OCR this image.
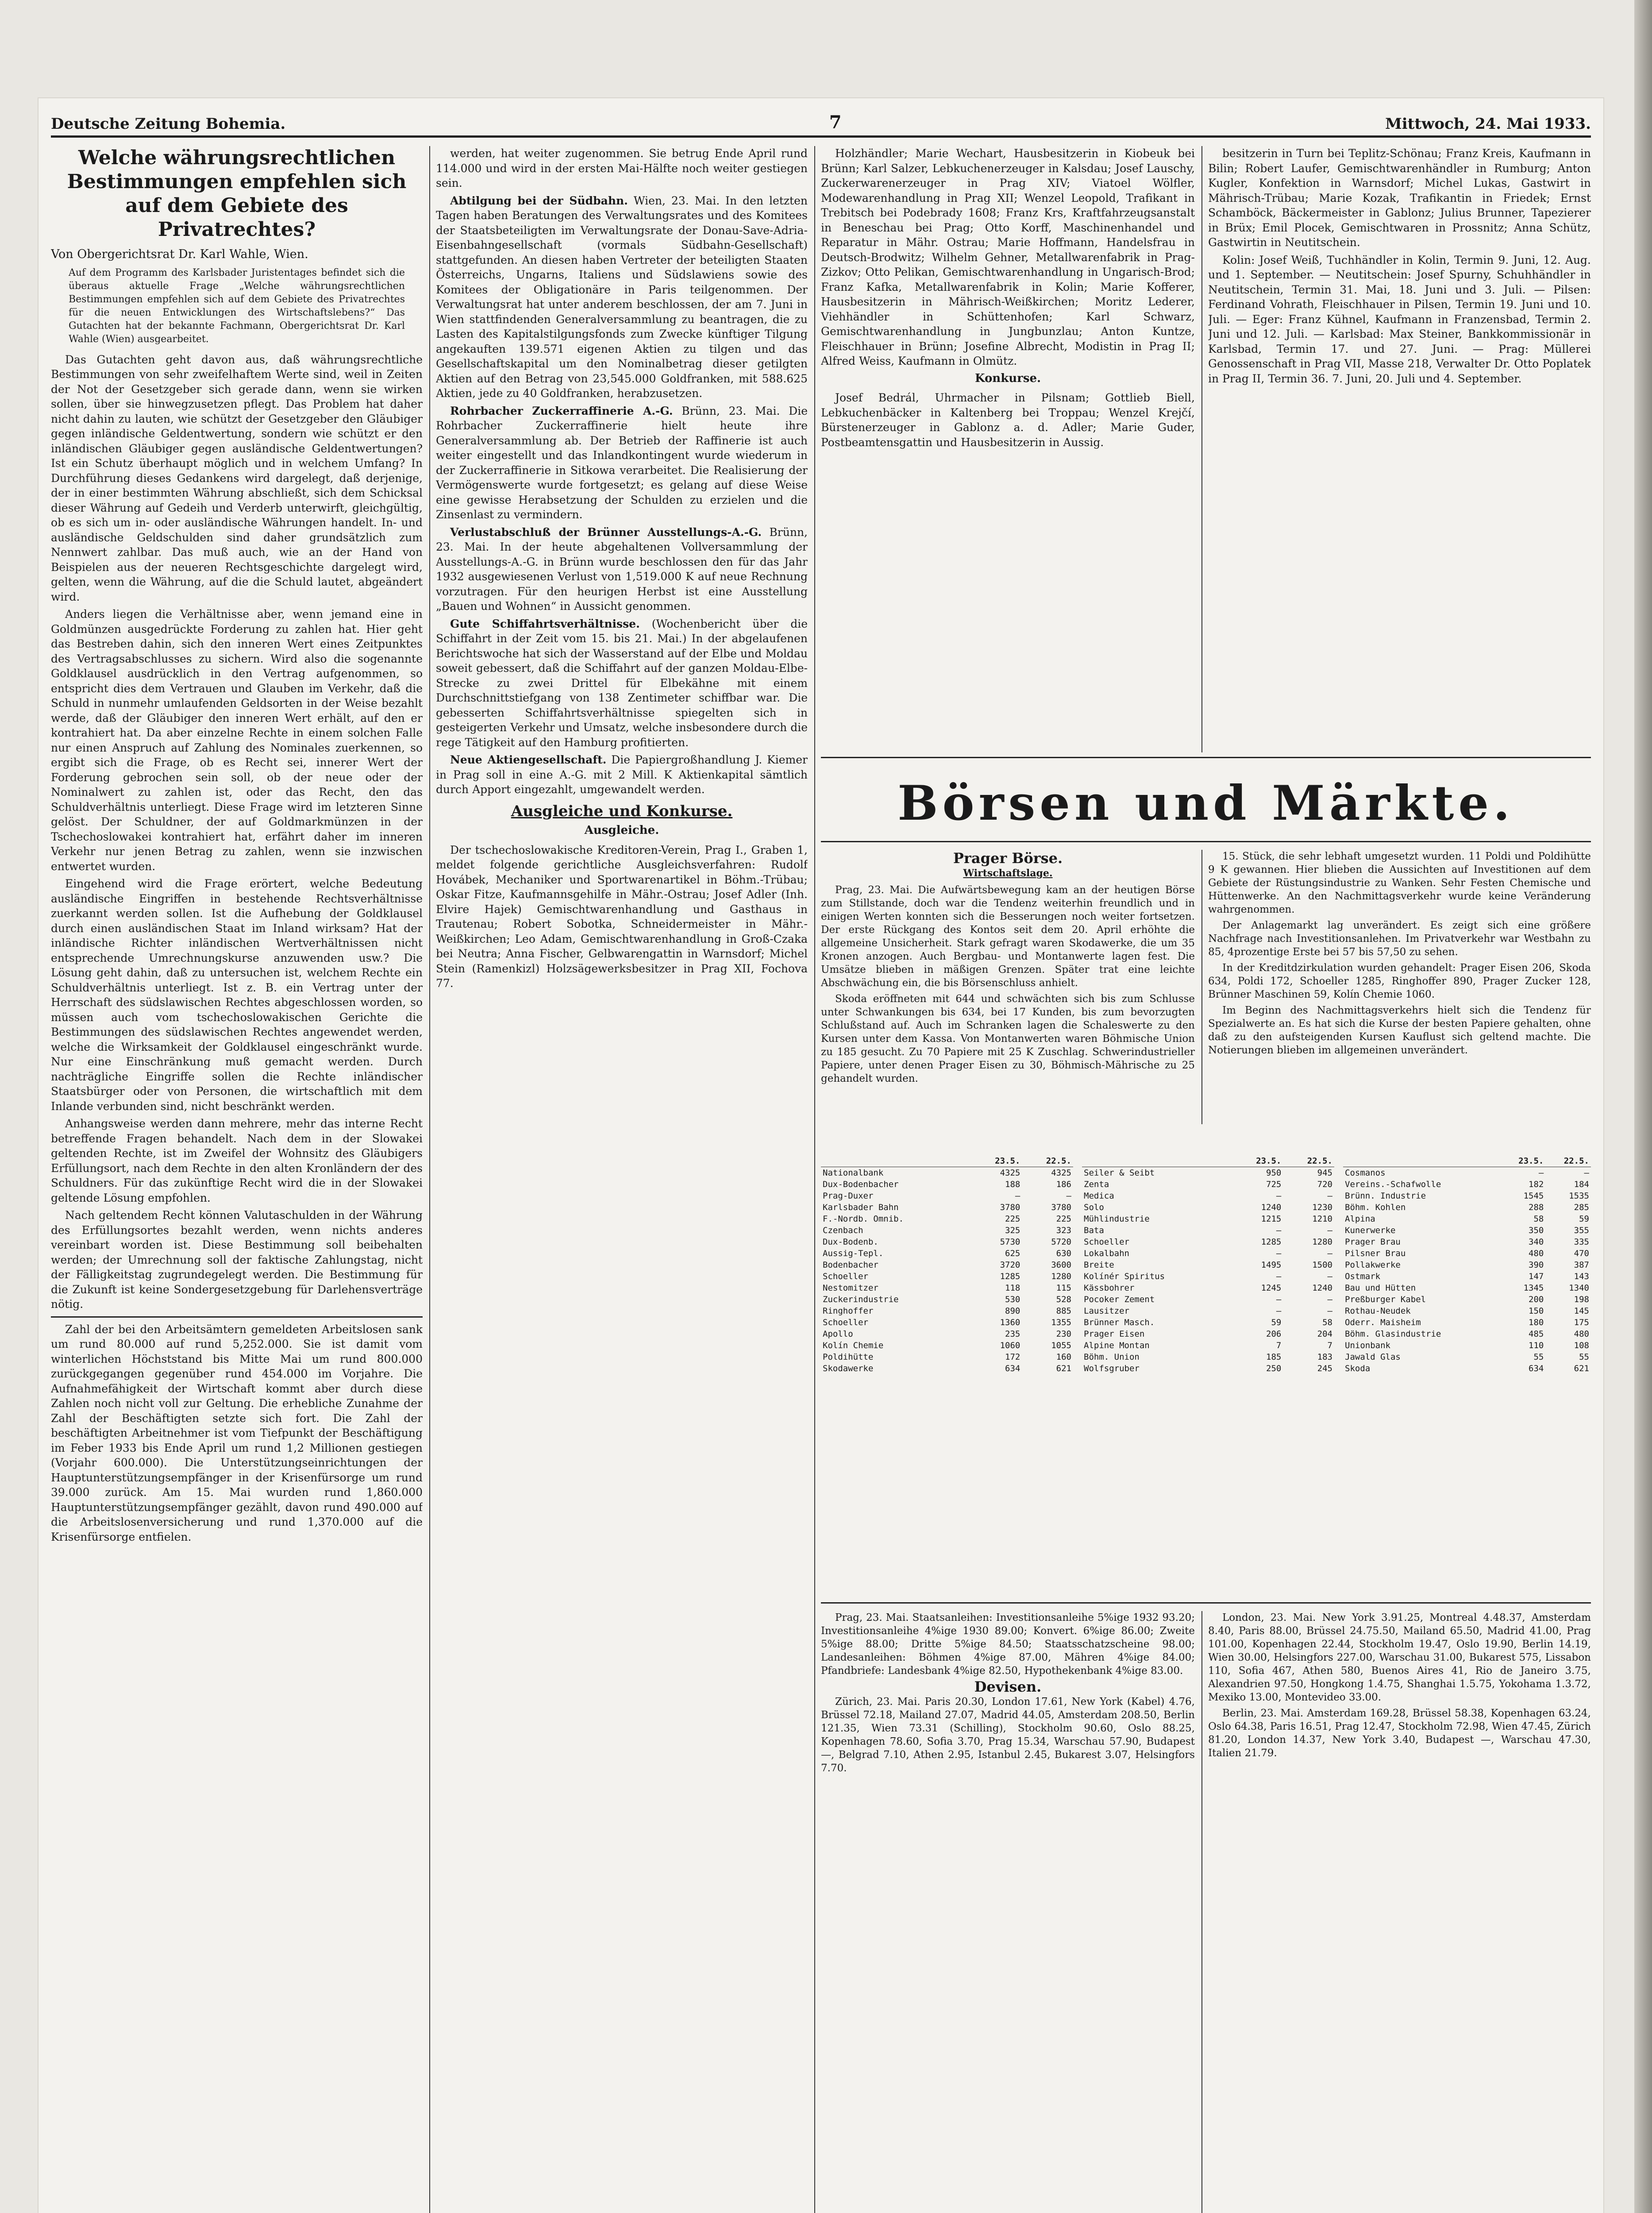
Deutsche Zeitung Bohemia.	7	Mittwoch, 24. Mai 1933.
Welche währungsrechtlichen Bestimmungen empfehlen sich auf dem Gebiete des Privatrechtes?
Von Obergerichtsrat Dr. Karl Wahle, Wien.
Auf dem Programm des Karlsbader Juristentages befindet sich die überaus aktuelle Frage „Welche währungsrechtlichen Bestimmungen empfehlen sich auf dem Gebiete des Privatrechtes für die neuen Entwicklungen des Wirtschaftslebens?“ Das Gutachten hat der bekannte Fachmann, Obergerichtsrat Dr. Karl Wahle (Wien) ausgearbeitet.

Das Gutachten geht davon aus, daß währungsrechtliche Bestimmungen von sehr zweifelhaftem Werte sind, weil in Zeiten der Not der Gesetzgeber sich gerade dann, wenn sie wirken sollen, über sie hinwegzusetzen pflegt. Das Problem hat daher nicht dahin zu lauten, wie schützt der Gesetzgeber den Gläubiger gegen inländische Geldentwertung, sondern wie schützt er den inländischen Gläubiger gegen ausländische Geldentwertungen? Ist ein Schutz überhaupt möglich und in welchem Umfang? In Durchführung dieses Gedankens wird dargelegt, daß derjenige, der in einer bestimmten Währung abschließt, sich dem Schicksal dieser Währung auf Gedeih und Verderb unterwirft, gleichgültig, ob es sich um in- oder ausländische Währungen handelt. In- und ausländische Geldschulden sind daher grundsätzlich zum Nennwert zahlbar. Das muß auch, wie an der Hand von Beispielen aus der neueren Rechtsgeschichte dargelegt wird, gelten, wenn die Währung, auf die die Schuld lautet, abgeändert wird.

Anders liegen die Verhältnisse aber, wenn jemand eine in Goldmünzen ausgedrückte Forderung zu zahlen hat. Hier geht das Bestreben dahin, sich den inneren Wert eines Zeitpunktes des Vertragsabschlusses zu sichern. Wird also die sogenannte Goldklausel ausdrücklich in den Vertrag aufgenommen, so entspricht dies dem Vertrauen und Glauben im Verkehr, daß die Schuld in nunmehr umlaufenden Geldsorten in der Weise bezahlt werde, daß der Gläubiger den inneren Wert erhält, auf den er kontrahiert hat. Da aber einzelne Rechte in einem solchen Falle nur einen Anspruch auf Zahlung des Nominales zuerkennen, so ergibt sich die Frage, ob es Recht sei, innerer Wert der Forderung gebrochen sein soll, ob der neue oder der Nominalwert zu zahlen ist, oder das Recht, den das Schuldverhältnis unterliegt. Diese Frage wird im letzteren Sinne gelöst. Der Schuldner, der auf Goldmarkmünzen in der Tschechoslowakei kontrahiert hat, erfährt daher im inneren Verkehr nur jenen Betrag zu zahlen, wenn sie inzwischen entwertet wurden.

Eingehend wird die Frage erörtert, welche Bedeutung ausländische Eingriffen in bestehende Rechtsverhältnisse zuerkannt werden sollen. Ist die Aufhebung der Goldklausel durch einen ausländischen Staat im Inland wirksam? Hat der inländische Richter inländischen Wertverhältnissen nicht entsprechende Umrechnungskurse anzuwenden usw.? Die Lösung geht dahin, daß zu untersuchen ist, welchem Rechte ein Schuldverhältnis unterliegt. Ist z. B. ein Vertrag unter der Herrschaft des südslawischen Rechtes abgeschlossen worden, so müssen auch vom tschechoslowakischen Gerichte die Bestimmungen des südslawischen Rechtes angewendet werden, welche die Wirksamkeit der Goldklausel eingeschränkt wurde. Nur eine Einschränkung muß gemacht werden. Durch nachträgliche Eingriffe sollen die Rechte inländischer Staatsbürger oder von Personen, die wirtschaftlich mit dem Inlande verbunden sind, nicht beschränkt werden.

Anhangsweise werden dann mehrere, mehr das interne Recht betreffende Fragen behandelt. Nach dem in der Slowakei geltenden Rechte, ist im Zweifel der Wohnsitz des Gläubigers Erfüllungsort, nach dem Rechte in den alten Kronländern der des Schuldners. Für das zukünftige Recht wird die in der Slowakei geltende Lösung empfohlen.

Nach geltendem Recht können Valutaschulden in der Währung des Erfüllungsortes bezahlt werden, wenn nichts anderes vereinbart worden ist. Diese Bestimmung soll beibehalten werden; der Umrechnung soll der faktische Zahlungstag, nicht der Fälligkeitstag zugrundegelegt werden. Die Bestimmung für die Zukunft ist keine Sondergesetzgebung für Darlehensverträge nötig.

Zahl der bei den Arbeitsämtern gemeldeten Arbeitslosen sank um rund 80.000 auf rund 5,252.000. Sie ist damit vom winterlichen Höchststand bis Mitte Mai um rund 800.000 zurückgegangen gegenüber rund 454.000 im Vorjahre. Die Aufnahmefähigkeit der Wirtschaft kommt aber durch diese Zahlen noch nicht voll zur Geltung. Die erhebliche Zunahme der Zahl der Beschäftigten setzte sich fort. Die Zahl der beschäftigten Arbeitnehmer ist vom Tiefpunkt der Beschäftigung im Feber 1933 bis Ende April um rund 1,2 Millionen gestiegen (Vorjahr 600.000). Die Unterstützungseinrichtungen der Hauptunterstützungsempfänger in der Krisenfürsorge um rund 39.000 zurück. Am 15. Mai wurden rund 1,860.000 Hauptunterstützungsempfänger gezählt, davon rund 490.000 auf die Arbeitslosenversicherung und rund 1,370.000 auf die Krisenfürsorge entfielen.

werden, hat weiter zugenommen. Sie betrug Ende April rund 114.000 und wird in der ersten Mai-Hälfte noch weiter gestiegen sein.

Abtilgung bei der Südbahn. Wien, 23. Mai. In den letzten Tagen haben Beratungen des Verwaltungsrates und des Komitees der Staatsbeteiligten im Verwaltungsrate der Donau-Save-Adria-Eisenbahngesellschaft (vormals Südbahn-Gesellschaft) stattgefunden. An diesen haben Vertreter der beteiligten Staaten Österreichs, Ungarns, Italiens und Südslawiens sowie des Komitees der Obligationäre in Paris teilgenommen. Der Verwaltungsrat hat unter anderem beschlossen, der am 7. Juni in Wien stattfindenden Generalversammlung zu beantragen, die zu Lasten des Kapitalstilgungsfonds zum Zwecke künftiger Tilgung angekauften 139.571 eigenen Aktien zu tilgen und das Gesellschaftskapital um den Nominalbetrag dieser getilgten Aktien auf den Betrag von 23,545.000 Goldfranken, mit 588.625 Aktien, jede zu 40 Goldfranken, herabzusetzen.

Rohrbacher Zuckerraffinerie A.-G. Brünn, 23. Mai. Die Rohrbacher Zuckerraffinerie hielt heute ihre Generalversammlung ab. Der Betrieb der Raffinerie ist auch weiter eingestellt und das Inlandkontingent wurde wiederum in der Zuckerraffinerie in Sitkowa verarbeitet. Die Realisierung der Vermögenswerte wurde fortgesetzt; es gelang auf diese Weise eine gewisse Herabsetzung der Schulden zu erzielen und die Zinsenlast zu vermindern.

Verlustabschluß der Brünner Ausstellungs-A.-G. Brünn, 23. Mai. In der heute abgehaltenen Vollversammlung der Ausstellungs-A.-G. in Brünn wurde beschlossen den für das Jahr 1932 ausgewiesenen Verlust von 1,519.000 K auf neue Rechnung vorzutragen. Für den heurigen Herbst ist eine Ausstellung „Bauen und Wohnen“ in Aussicht genommen.

Gute Schiffahrtsverhältnisse. (Wochenbericht über die Schiffahrt in der Zeit vom 15. bis 21. Mai.) In der abgelaufenen Berichtswoche hat sich der Wasserstand auf der Elbe und Moldau soweit gebessert, daß die Schiffahrt auf der ganzen Moldau-Elbe-Strecke zu zwei Drittel für Elbekähne mit einem Durchschnittstiefgang von 138 Zentimeter schiffbar war. Die gebesserten Schiffahrtsverhältnisse spiegelten sich in gesteigerten Verkehr und Umsatz, welche insbesondere durch die rege Tätigkeit auf den Hamburg profitierten.

Neue Aktiengesellschaft. Die Papiergroßhandlung J. Kiemer in Prag soll in eine A.-G. mit 2 Mill. K Aktienkapital sämtlich durch Apport eingezahlt, umgewandelt werden.

Ausgleiche und Konkurse.
Ausgleiche.

Der tschechoslowakische Kreditoren-Verein, Prag I., Graben 1, meldet folgende gerichtliche Ausgleichsverfahren: Rudolf Hovábek, Mechaniker und Sportwarenartikel in Böhm.-Trübau; Oskar Fitze, Kaufmannsgehilfe in Mähr.-Ostrau; Josef Adler (Inh. Elvire Hajek) Gemischtwarenhandlung und Gasthaus in Trautenau; Robert Sobotka, Schneidermeister in Mähr.-Weißkirchen; Leo Adam, Gemischtwarenhandlung in Groß-Czaka bei Neutra; Anna Fischer, Gelbwarengattin in Warnsdorf; Michel Stein (Ramenkizl) Holzsägewerksbesitzer in Prag XII, Fochova 77.

Holzhändler; Marie Wechart, Hausbesitzerin in Kiobeuk bei Brünn; Karl Salzer, Lebkuchenerzeuger in Kalsdau; Josef Lauschy, Zuckerwarenerzeuger in Prag XIV; Viatoel Wölfler, Modewarenhandlung in Prag XII; Wenzel Leopold, Trafikant in Trebitsch bei Podebrady 1608; Franz Krs, Kraftfahrzeugsanstalt in Beneschau bei Prag; Otto Korff, Maschinenhandel und Reparatur in Mähr. Ostrau; Marie Hoffmann, Handelsfrau in Deutsch-Brodwitz; Wilhelm Gehner, Metallwarenfabrik in Prag-Zizkov; Otto Pelikan, Gemischtwarenhandlung in Ungarisch-Brod; Franz Kafka, Metallwarenfabrik in Kolin; Marie Kofferer, Hausbesitzerin in Mährisch-Weißkirchen; Moritz Lederer, Viehhändler in Schüttenhofen; Karl Schwarz, Gemischtwarenhandlung in Jungbunzlau; Anton Kuntze, Fleischhauer in Brünn; Josefine Albrecht, Modistin in Prag II; Alfred Weiss, Kaufmann in Olmütz.

Konkurse.

Josef Bedrál, Uhrmacher in Pilsnam; Gottlieb Biell, Lebkuchenbäcker in Kaltenberg bei Troppau; Wenzel Krejčí, Bürstenerzeuger in Gablonz a. d. Adler; Marie Guder, Postbeamtensgattin und Hausbesitzerin in Aussig.

besitzerin in Turn bei Teplitz-Schönau; Franz Kreis, Kaufmann in Bilin; Robert Laufer, Gemischtwarenhändler in Rumburg; Anton Kugler, Konfektion in Warnsdorf; Michel Lukas, Gastwirt in Mährisch-Trübau; Marie Kozak, Trafikantin in Friedek; Ernst Schamböck, Bäckermeister in Gablonz; Julius Brunner, Tapezierer in Brüx; Emil Plocek, Gemischtwaren in Prossnitz; Anna Schütz, Gastwirtin in Neutitschein.

Kolin: Josef Weiß, Tuchhändler in Kolin, Termin 9. Juni, 12. Aug. und 1. September. — Neutitschein: Josef Spurny, Schuhhändler in Neutitschein, Termin 31. Mai, 18. Juni und 3. Juli. — Pilsen: Ferdinand Vohrath, Fleischhauer in Pilsen, Termin 19. Juni und 10. Juli. — Eger: Franz Kühnel, Kaufmann in Franzensbad, Termin 2. Juni und 12. Juli. — Karlsbad: Max Steiner, Bankkommissionär in Karlsbad, Termin 17. und 27. Juni. — Prag: Müllerei Genossenschaft in Prag VII, Masse 218, Verwalter Dr. Otto Poplatek in Prag II, Termin 36. 7. Juni, 20. Juli und 4. September.

Börsen und Märkte.
Prager Börse.
Wirtschaftslage.

Prag, 23. Mai. Die Aufwärtsbewegung kam an der heutigen Börse zum Stillstande, doch war die Tendenz weiterhin freundlich und in einigen Werten konnten sich die Besserungen noch weiter fortsetzen. Der erste Rückgang des Kontos seit dem 20. April erhöhte die allgemeine Unsicherheit. Stark gefragt waren Skodawerke, die um 35 Kronen anzogen. Auch Bergbau- und Montanwerte lagen fest. Die Umsätze blieben in mäßigen Grenzen. Später trat eine leichte Abschwächung ein, die bis Börsenschluss anhielt.

Skoda eröffneten mit 644 und schwächten sich bis zum Schlusse unter Schwankungen bis 634, bei 17 Kunden, bis zum bevorzugten Schlußstand auf. Auch im Schranken lagen die Schaleswerte zu den Kursen unter dem Kassa. Von Montanwerten waren Böhmische Union zu 185 gesucht. Zu 70 Papiere mit 25 K Zuschlag. Schwerindustrieller Papiere, unter denen Prager Eisen zu 30, Böhmisch-Mährische zu 25 gehandelt wurden.

15. Stück, die sehr lebhaft umgesetzt wurden. 11 Poldi und Poldihütte 9 K gewannen. Hier blieben die Aussichten auf Investitionen auf dem Gebiete der Rüstungsindustrie zu Wanken. Sehr Festen Chemische und Hüttenwerke. An den Nachmittagsverkehr wurde keine Veränderung wahrgenommen.

Der Anlagemarkt lag unverändert. Es zeigt sich eine größere Nachfrage nach Investitionsanlehen. Im Privatverkehr war Westbahn zu 85, 4prozentige Erste bei 57 bis 57,50 zu sehen.

In der Kreditdzirkulation wurden gehandelt: Prager Eisen 206, Skoda 634, Poldi 172, Schoeller 1285, Ringhoffer 890, Prager Zucker 128, Brünner Maschinen 59, Kolín Chemie 1060.

Im Beginn des Nachmittagsverkehrs hielt sich die Tendenz für Spezialwerte an. Es hat sich die Kurse der besten Papiere gehalten, ohne daß zu den aufsteigenden Kursen Kauflust sich geltend machte. Die Notierungen blieben im allgemeinen unverändert.

	23.5.	22.5.
Nationalbank	4325	4325
Dux-Bodenbacher	188	186
Prag-Duxer	—	—
Karlsbader Bahn	3780	3780
F.-Nordb. Omnib.	225	225
Czenbach	325	323
Dux-Bodenb.	5730	5720
Aussig-Tepl.	625	630
Bodenbacher	3720	3600
Schoeller	1285	1280
Nestomitzer	118	115
Zuckerindustrie	530	528
Ringhoffer	890	885
Schoeller	1360	1355
Apollo	235	230
Kolín Chemie	1060	1055
Poldihütte	172	160
Skodawerke	634	621
	23.5.	22.5.
Seiler & Seibt	950	945
Zenta	725	720
Medica	—	—
Solo	1240	1230
Mühlindustrie	1215	1210
Bata	—	—
Schoeller	1285	1280
Lokalbahn	—	—
Breite	1495	1500
Kolínér Spiritus	—	—
Kässbohrer	1245	1240
Pocoker Zement	—	—
Lausitzer	—	—
Brünner Masch.	59	58
Prager Eisen	206	204
Alpine Montan	7	7
Böhm. Union	185	183
Wolfsgruber	250	245
	23.5.	22.5.
Cosmanos	—	—
Vereins.-Schafwolle	182	184
Brünn. Industrie	1545	1535
Böhm. Kohlen	288	285
Alpina	58	59
Kunerwerke	350	355
Prager Brau	340	335
Pilsner Brau	480	470
Pollakwerke	390	387
Ostmark	147	143
Bau und Hütten	1345	1340
Preßburger Kabel	200	198
Rothau-Neudek	150	145
Oderr. Maisheim	180	175
Böhm. Glasindustrie	485	480
Unionbank	110	108
Jawald Glas	55	55
Skoda	634	621

Prag, 23. Mai. Staatsanleihen: Investitionsanleihe 5%ige 1932 93.20; Investitionsanleihe 4%ige 1930 89.00; Konvert. 6%ige 86.00; Zweite 5%ige 88.00; Dritte 5%ige 84.50; Staatsschatzscheine 98.00; Landesanleihen: Böhmen 4%ige 87.00, Mähren 4%ige 84.00; Pfandbriefe: Landesbank 4%ige 82.50, Hypothekenbank 4%ige 83.00.

Devisen.

Zürich, 23. Mai. Paris 20.30, London 17.61, New York (Kabel) 4.76, Brüssel 72.18, Mailand 27.07, Madrid 44.05, Amsterdam 208.50, Berlin 121.35, Wien 73.31 (Schilling), Stockholm 90.60, Oslo 88.25, Kopenhagen 78.60, Sofia 3.70, Prag 15.34, Warschau 57.90, Budapest —, Belgrad 7.10, Athen 2.95, Istanbul 2.45, Bukarest 3.07, Helsingfors 7.70.

London, 23. Mai. New York 3.91.25, Montreal 4.48.37, Amsterdam 8.40, Paris 88.00, Brüssel 24.75.50, Mailand 65.50, Madrid 41.00, Prag 101.00, Kopenhagen 22.44, Stockholm 19.47, Oslo 19.90, Berlin 14.19, Wien 30.00, Helsingfors 227.00, Warschau 31.00, Bukarest 575, Lissabon 110, Sofia 467, Athen 580, Buenos Aires 41, Rio de Janeiro 3.75, Alexandrien 97.50, Hongkong 1.4.75, Shanghai 1.5.75, Yokohama 1.3.72, Mexiko 13.00, Montevideo 33.00.

Berlin, 23. Mai. Amsterdam 169.28, Brüssel 58.38, Kopenhagen 63.24, Oslo 64.38, Paris 16.51, Prag 12.47, Stockholm 72.98, Wien 47.45, Zürich 81.20, London 14.37, New York 3.40, Budapest —, Warschau 47.30, Italien 21.79.
